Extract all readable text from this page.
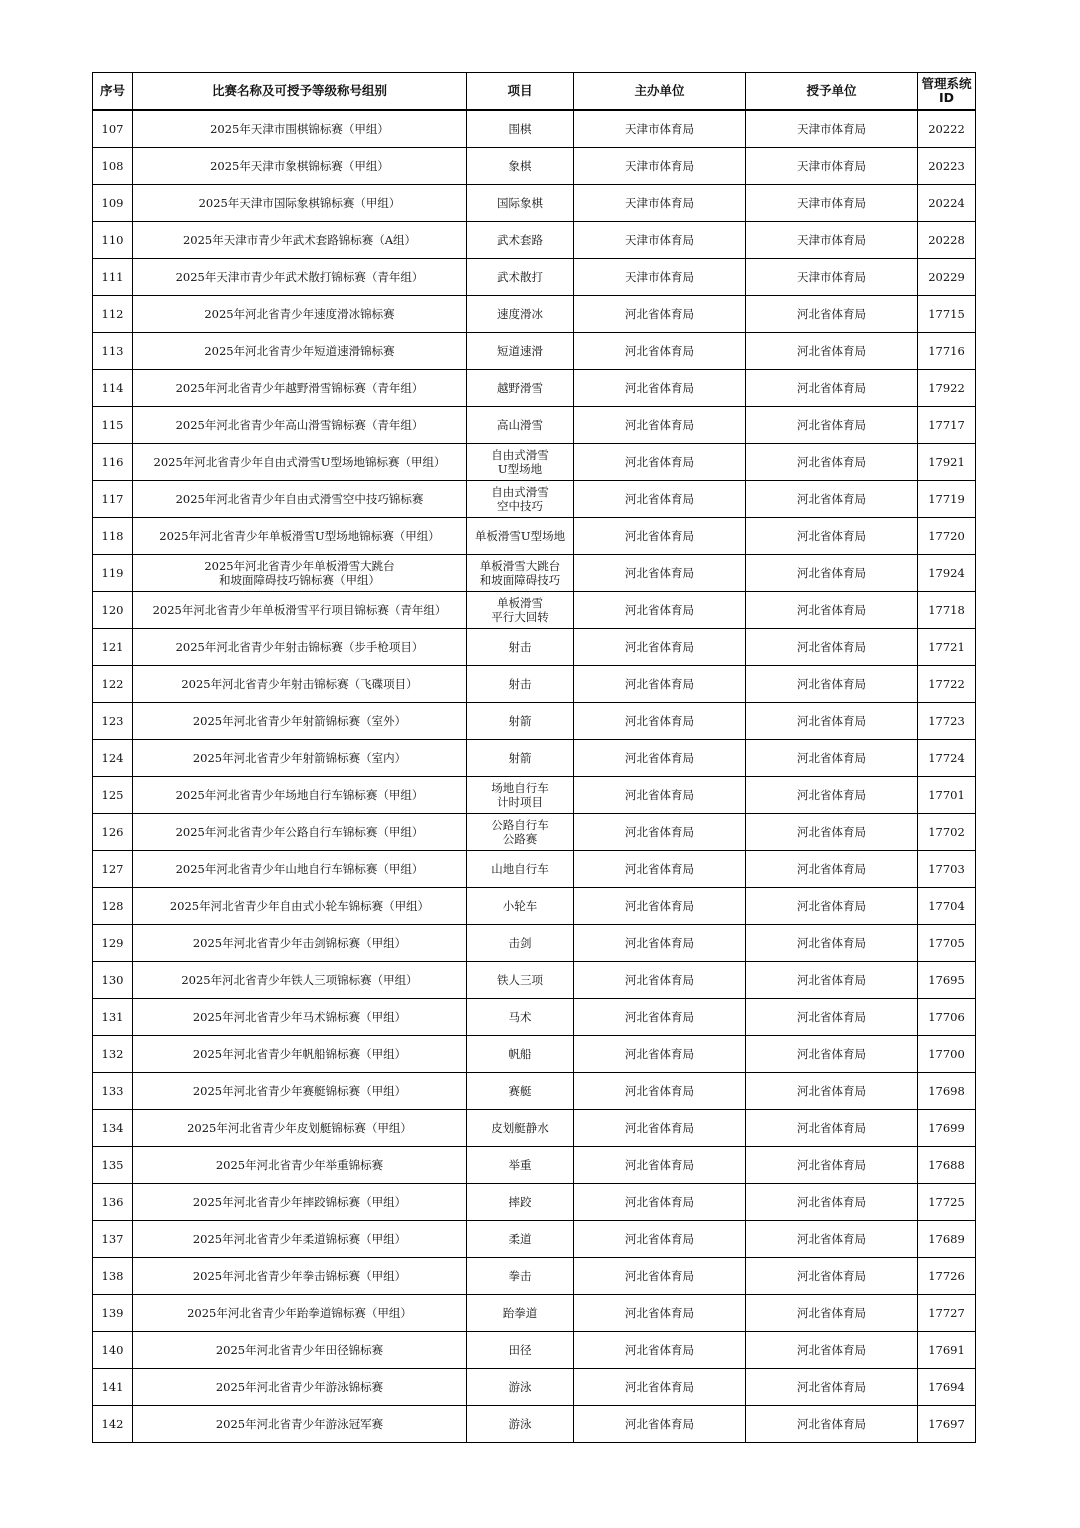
序号	比赛名称及可授予等级称号组别	项目	主办单位	授予单位	管理系统
ID

107	2025年天津市围棋锦标赛（甲组）	围棋	天津市体育局	天津市体育局	20222

108	2025年天津市象棋锦标赛（甲组）	象棋	天津市体育局	天津市体育局	20223

109	2025年天津市国际象棋锦标赛（甲组）	国际象棋	天津市体育局	天津市体育局	20224

110	2025年天津市青少年武术套路锦标赛（A组）	武术套路	天津市体育局	天津市体育局	20228

111	2025年天津市青少年武术散打锦标赛（青年组）	武术散打	天津市体育局	天津市体育局	20229

112	2025年河北省青少年速度滑冰锦标赛	速度滑冰	河北省体育局	河北省体育局	17715

113	2025年河北省青少年短道速滑锦标赛	短道速滑	河北省体育局	河北省体育局	17716

114	2025年河北省青少年越野滑雪锦标赛（青年组）	越野滑雪	河北省体育局	河北省体育局	17922

115	2025年河北省青少年高山滑雪锦标赛（青年组）	高山滑雪	河北省体育局	河北省体育局	17717

116	2025年河北省青少年自由式滑雪U型场地锦标赛（甲组）	自由式滑雪
U型场地	河北省体育局	河北省体育局	17921

117	2025年河北省青少年自由式滑雪空中技巧锦标赛	自由式滑雪
空中技巧	河北省体育局	河北省体育局	17719

118	2025年河北省青少年单板滑雪U型场地锦标赛（甲组）	单板滑雪U型场地	河北省体育局	河北省体育局	17720

119	2025年河北省青少年单板滑雪大跳台
和坡面障碍技巧锦标赛（甲组）	单板滑雪大跳台
和坡面障碍技巧	河北省体育局	河北省体育局	17924

120	2025年河北省青少年单板滑雪平行项目锦标赛（青年组）	单板滑雪
平行大回转	河北省体育局	河北省体育局	17718

121	2025年河北省青少年射击锦标赛（步手枪项目）	射击	河北省体育局	河北省体育局	17721

122	2025年河北省青少年射击锦标赛（飞碟项目）	射击	河北省体育局	河北省体育局	17722

123	2025年河北省青少年射箭锦标赛（室外）	射箭	河北省体育局	河北省体育局	17723

124	2025年河北省青少年射箭锦标赛（室内）	射箭	河北省体育局	河北省体育局	17724

125	2025年河北省青少年场地自行车锦标赛（甲组）	场地自行车
计时项目	河北省体育局	河北省体育局	17701

126	2025年河北省青少年公路自行车锦标赛（甲组）	公路自行车
公路赛	河北省体育局	河北省体育局	17702

127	2025年河北省青少年山地自行车锦标赛（甲组）	山地自行车	河北省体育局	河北省体育局	17703

128	2025年河北省青少年自由式小轮车锦标赛（甲组）	小轮车	河北省体育局	河北省体育局	17704

129	2025年河北省青少年击剑锦标赛（甲组）	击剑	河北省体育局	河北省体育局	17705

130	2025年河北省青少年铁人三项锦标赛（甲组）	铁人三项	河北省体育局	河北省体育局	17695

131	2025年河北省青少年马术锦标赛（甲组）	马术	河北省体育局	河北省体育局	17706

132	2025年河北省青少年帆船锦标赛（甲组）	帆船	河北省体育局	河北省体育局	17700

133	2025年河北省青少年赛艇锦标赛（甲组）	赛艇	河北省体育局	河北省体育局	17698

134	2025年河北省青少年皮划艇锦标赛（甲组）	皮划艇静水	河北省体育局	河北省体育局	17699

135	2025年河北省青少年举重锦标赛	举重	河北省体育局	河北省体育局	17688

136	2025年河北省青少年摔跤锦标赛（甲组）	摔跤	河北省体育局	河北省体育局	17725

137	2025年河北省青少年柔道锦标赛（甲组）	柔道	河北省体育局	河北省体育局	17689

138	2025年河北省青少年拳击锦标赛（甲组）	拳击	河北省体育局	河北省体育局	17726

139	2025年河北省青少年跆拳道锦标赛（甲组）	跆拳道	河北省体育局	河北省体育局	17727

140	2025年河北省青少年田径锦标赛	田径	河北省体育局	河北省体育局	17691

141	2025年河北省青少年游泳锦标赛	游泳	河北省体育局	河北省体育局	17694

142	2025年河北省青少年游泳冠军赛	游泳	河北省体育局	河北省体育局	17697
